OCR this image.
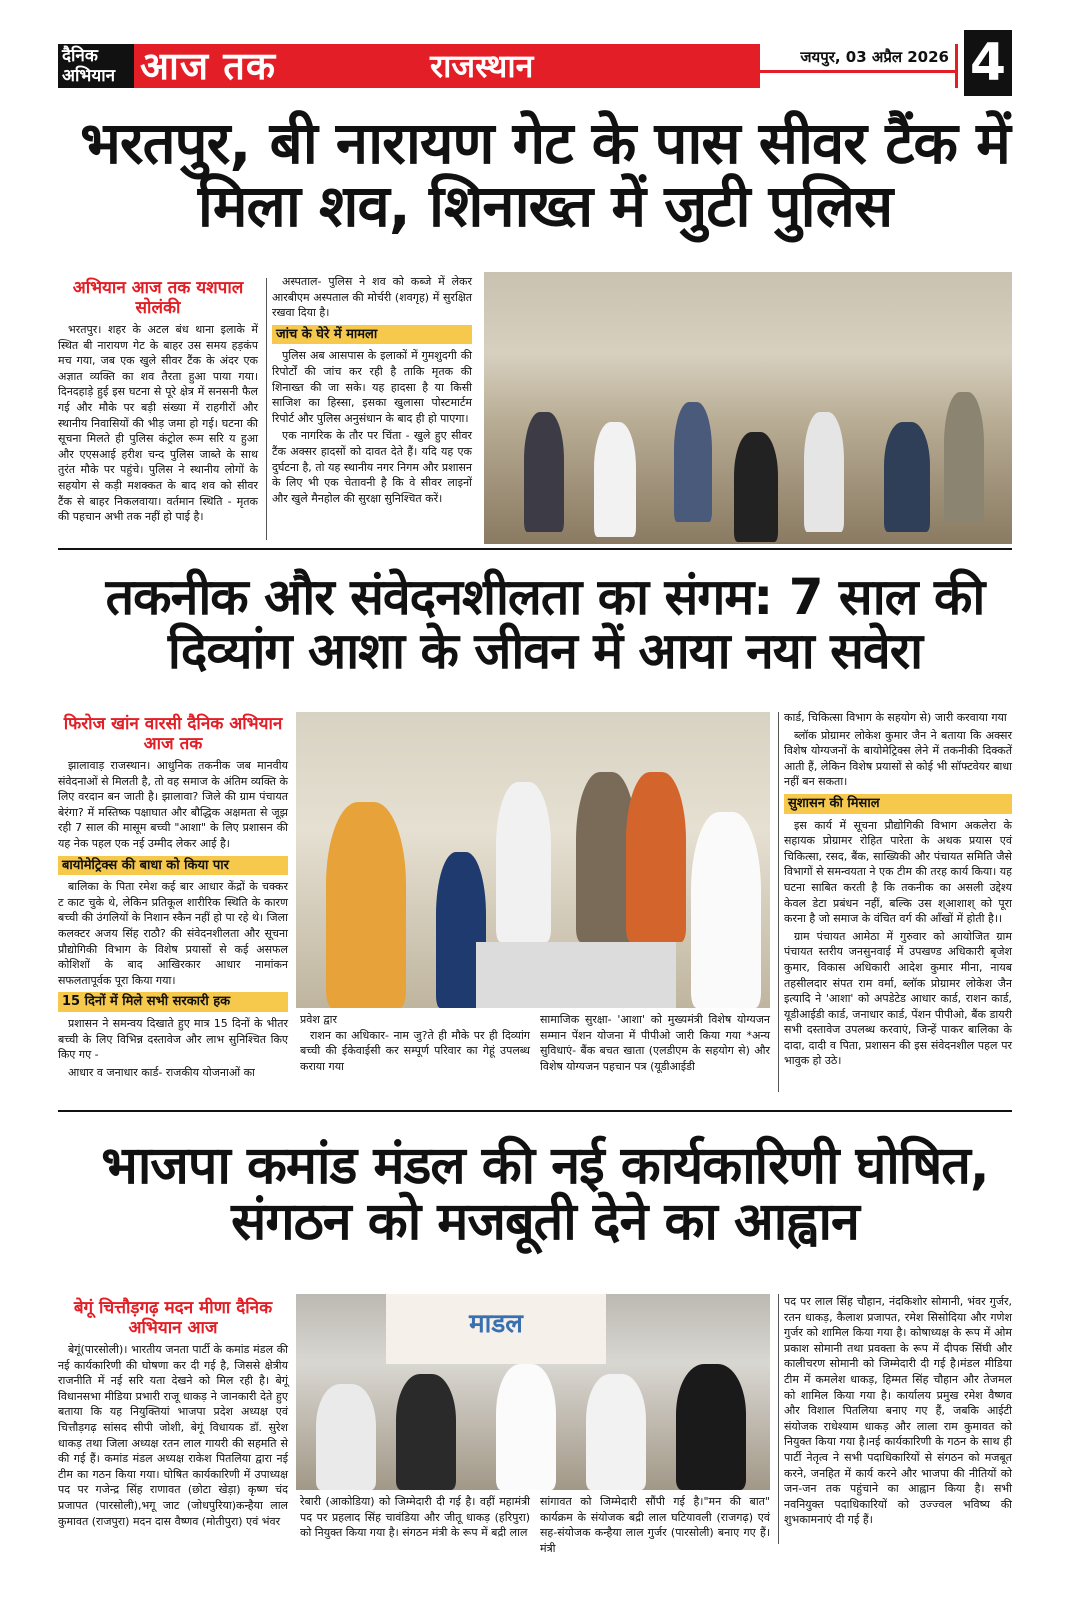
दैनिक
अभियान आज तक	राजस्थान	जयपुर, 03 अप्रैल 2026 4
भरतपुर, बी नारायण गेट के पास सीवर टैंक में मिला शव, शिनाख्त में जुटी पुलिस
अभियान आज तक यशपाल सोलंकी

भरतपुर। शहर के अटल बंध थाना इलाके में स्थित बी नारायण गेट के बाहर उस समय हड़कंप मच गया, जब एक खुले सीवर टैंक के अंदर एक अज्ञात व्यक्ति का शव तैरता हुआ पाया गया। दिनदहाड़े हुई इस घटना से पूरे क्षेत्र में सनसनी फैल गई और मौके पर बड़ी संख्या में राहगीरों और स्थानीय निवासियों की भीड़ जमा हो गई। घटना की सूचना मिलते ही पुलिस कंट्रोल रूम सरि य हुआ और एएसआई हरीश चन्द पुलिस जाब्ते के साथ तुरंत मौके पर पहुंचे। पुलिस ने स्थानीय लोगों के सहयोग से कड़ी मशक्कत के बाद शव को सीवर टैंक से बाहर निकलवाया। वर्तमान स्थिति - मृतक की पहचान अभी तक नहीं हो पाई है।

अस्पताल- पुलिस ने शव को कब्जे में लेकर आरबीएम अस्पताल की मोर्चरी (शवगृह) में सुरक्षित रखवा दिया है।

जांच के घेरे में मामला

पुलिस अब आसपास के इलाकों में गुमशुदगी की रिपोर्टों की जांच कर रही है ताकि मृतक की शिनाख्त की जा सके। यह हादसा है या किसी साजिश का हिस्सा, इसका खुलासा पोस्टमार्टम रिपोर्ट और पुलिस अनुसंधान के बाद ही हो पाएगा।

एक नागरिक के तौर पर चिंता - खुले हुए सीवर टैंक अक्सर हादसों को दावत देते हैं। यदि यह एक दुर्घटना है, तो यह स्थानीय नगर निगम और प्रशासन के लिए भी एक चेतावनी है कि वे सीवर लाइनों और खुले मैनहोल की सुरक्षा सुनिश्चित करें।

तकनीक और संवेदनशीलता का संगम: 7 साल की दिव्यांग आशा के जीवन में आया नया सवेरा
फिरोज खांन वारसी दैनिक अभियान आज तक

झालावाड़ राजस्थान। आधुनिक तकनीक जब मानवीय संवेदनाओं से मिलती है, तो वह समाज के अंतिम व्यक्ति के लिए वरदान बन जाती है। झालावा? जिले की ग्राम पंचायत बेरंगा? में मस्तिष्क पक्षाघात और बौद्धिक अक्षमता से जूझ रही 7 साल की मासूम बच्ची "आशा" के लिए प्रशासन की यह नेक पहल एक नई उम्मीद लेकर आई है।

बायोमेट्रिक्स की बाधा को किया पार

बालिका के पिता रमेश कई बार आधार केंद्रों के चक्कर ट काट चुके थे, लेकिन प्रतिकूल शारीरिक स्थिति के कारण बच्ची की उंगलियों के निशान स्कैन नहीं हो पा रहे थे। जिला कलक्टर अजय सिंह राठौ? की संवेदनशीलता और सूचना प्रौद्योगिकी विभाग के विशेष प्रयासों से कई असफल कोशिशों के बाद आखिरकार आधार नामांकन सफलतापूर्वक पूरा किया गया।

15 दिनों में मिले सभी सरकारी हक

प्रशासन ने समन्वय दिखाते हुए मात्र 15 दिनों के भीतर बच्ची के लिए विभिन्न दस्तावेज और लाभ सुनिश्चित किए किए गए -

आधार व जनाधार कार्ड- राजकीय योजनाओं का

प्रवेश द्वार
राशन का अधिकार- नाम जु?ते ही मौके पर ही दिव्यांग बच्ची की ईकेवाईसी कर सम्पूर्ण परिवार का गेहूं उपलब्ध कराया गया
सामाजिक सुरक्षा- 'आशा' को मुख्यमंत्री विशेष योग्यजन सम्मान पेंशन योजना में पीपीओ जारी किया गया *अन्य सुविधाएं- बैंक बचत खाता (एलडीएम के सहयोग से) और विशेष योग्यजन पहचान पत्र (यूडीआईडी

कार्ड, चिकित्सा विभाग के सहयोग से) जारी करवाया गया

ब्लॉक प्रोग्रामर लोकेश कुमार जैन ने बताया कि अक्सर विशेष योग्यजनों के बायोमेट्रिक्स लेने में तकनीकी दिक्कतें आती हैं, लेकिन विशेष प्रयासों से कोई भी सॉफ्टवेयर बाधा नहीं बन सकता।

सुशासन की मिसाल

इस कार्य में सूचना प्रौद्योगिकी विभाग अकलेरा के सहायक प्रोग्रामर रोहित पारेता के अथक प्रयास एवं चिकित्सा, रसद, बैंक, साख्यिकी और पंचायत समिति जैसे विभागों से समन्वयता ने एक टीम की तरह कार्य किया। यह घटना साबित करती है कि तकनीक का असली उद्देश्य केवल डेटा प्रबंधन नहीं, बल्कि उस श्आशाश् को पूरा करना है जो समाज के वंचित वर्ग की आँखों में होती है।।

ग्राम पंचायत आमेठा में गुरुवार को आयोजित ग्राम पंचायत स्तरीय जनसुनवाई में उपखण्ड अधिकारी बृजेश कुमार, विकास अधिकारी आदेश कुमार मीना, नायब तहसीलदार संपत राम वर्मा, ब्लॉक प्रोग्रामर लोकेश जैन इत्यादि ने 'आशा' को अपडेटेड आधार कार्ड, राशन कार्ड, यूडीआईडी कार्ड, जनाधार कार्ड, पेंशन पीपीओ, बैंक डायरी सभी दस्तावेज उपलब्ध करवाएं, जिन्हें पाकर बालिका के दादा, दादी व पिता, प्रशासन की इस संवेदनशील पहल पर भावुक हो उठे।

भाजपा कमांड मंडल की नई कार्यकारिणी घोषित, संगठन को मजबूती देने का आह्वान
बेगूं चित्तौड़गढ़ मदन मीणा दैनिक अभियान आज

बेगूं(पारसोली)। भारतीय जनता पार्टी के कमांड मंडल की नई कार्यकारिणी की घोषणा कर दी गई है, जिससे क्षेत्रीय राजनीति में नई सरि यता देखने को मिल रही है। बेगूं विधानसभा मीडिया प्रभारी राजू धाकड़ ने जानकारी देते हुए बताया कि यह नियुक्तियां भाजपा प्रदेश अध्यक्ष एवं चित्तौड़गढ़ सांसद सीपी जोशी, बेगूं विधायक डॉ. सुरेश धाकड़ तथा जिला अध्यक्ष रतन लाल गायरी की सहमति से की गई हैं। कमांड मंडल अध्यक्ष राकेश पितलिया द्वारा नई टीम का गठन किया गया। घोषित कार्यकारिणी में उपाध्यक्ष पद पर गजेन्द्र सिंह राणावत (छोटा खेड़ा) कृष्ण चंद प्रजापत (पारसोली),भगू जाट (जोधपुरिया)कन्हैया लाल कुमावत (राजपुरा) मदन दास वैष्णव (मोतीपुरा) एवं भंवर

माडल
रेबारी (आकोडिया) को जिम्मेदारी दी गई है। वहीं महामंत्री पद पर प्रहलाद सिंह चावंडिया और जीतू धाकड़ (हरिपुरा) को नियुक्त किया गया है। संगठन मंत्री के रूप में बद्री लाल
सांगावत को जिम्मेदारी सौंपी गई है।"मन की बात" कार्यक्रम के संयोजक बद्री लाल घटियावली (राजगढ़) एवं सह-संयोजक कन्हैया लाल गुर्जर (पारसोली) बनाए गए हैं। मंत्री

पद पर लाल सिंह चौहान, नंदकिशोर सोमानी, भंवर गुर्जर, रतन धाकड़, कैलाश प्रजापत, रमेश सिसोदिया और गणेश गुर्जर को शामिल किया गया है। कोषाध्यक्ष के रूप में ओम प्रकाश सोमानी तथा प्रवक्ता के रूप में दीपक सिंघी और कालीचरण सोमानी को जिम्मेदारी दी गई है।मंडल मीडिया टीम में कमलेश धाकड़, हिम्मत सिंह चौहान और तेजमल को शामिल किया गया है। कार्यालय प्रमुख रमेश वैष्णव और विशाल पितलिया बनाए गए हैं, जबकि आईटी संयोजक राधेश्याम धाकड़ और लाला राम कुमावत को नियुक्त किया गया है।नई कार्यकारिणी के गठन के साथ ही पार्टी नेतृत्व ने सभी पदाधिकारियों से संगठन को मजबूत करने, जनहित में कार्य करने और भाजपा की नीतियों को जन-जन तक पहुंचाने का आह्वान किया है। सभी नवनियुक्त पदाधिकारियों को उज्ज्वल भविष्य की शुभकामनाएं दी गई हैं।
